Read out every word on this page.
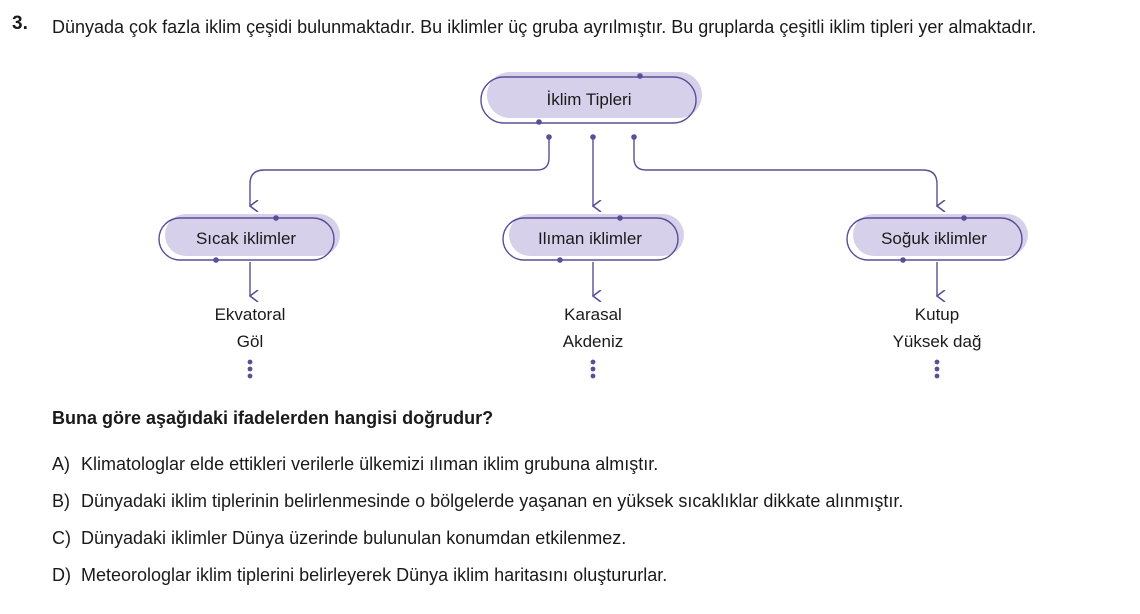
3. Dünyada çok fazla iklim çeşidi bulunmaktadır. Bu iklimler üç gruba ayrılmıştır. Bu gruplarda çeşitli iklim tipleri yer almaktadır.

İklim Tipleri
Sıcak iklimler	Ilıman iklimler	Soğuk iklimler
Ekvatoral
Göl
Karasal
Akdeniz
Kutup
Yüksek dağ

Buna göre aşağıdaki ifadelerden hangisi doğrudur?

A) Klimatologlar elde ettikleri verilerle ülkemizi ılıman iklim grubuna almıştır.
B) Dünyadaki iklim tiplerinin belirlenmesinde o bölgelerde yaşanan en yüksek sıcaklıklar dikkate alınmıştır.
C) Dünyadaki iklimler Dünya üzerinde bulunulan konumdan etkilenmez.
D) Meteorologlar iklim tiplerini belirleyerek Dünya iklim haritasını oluştururlar.
